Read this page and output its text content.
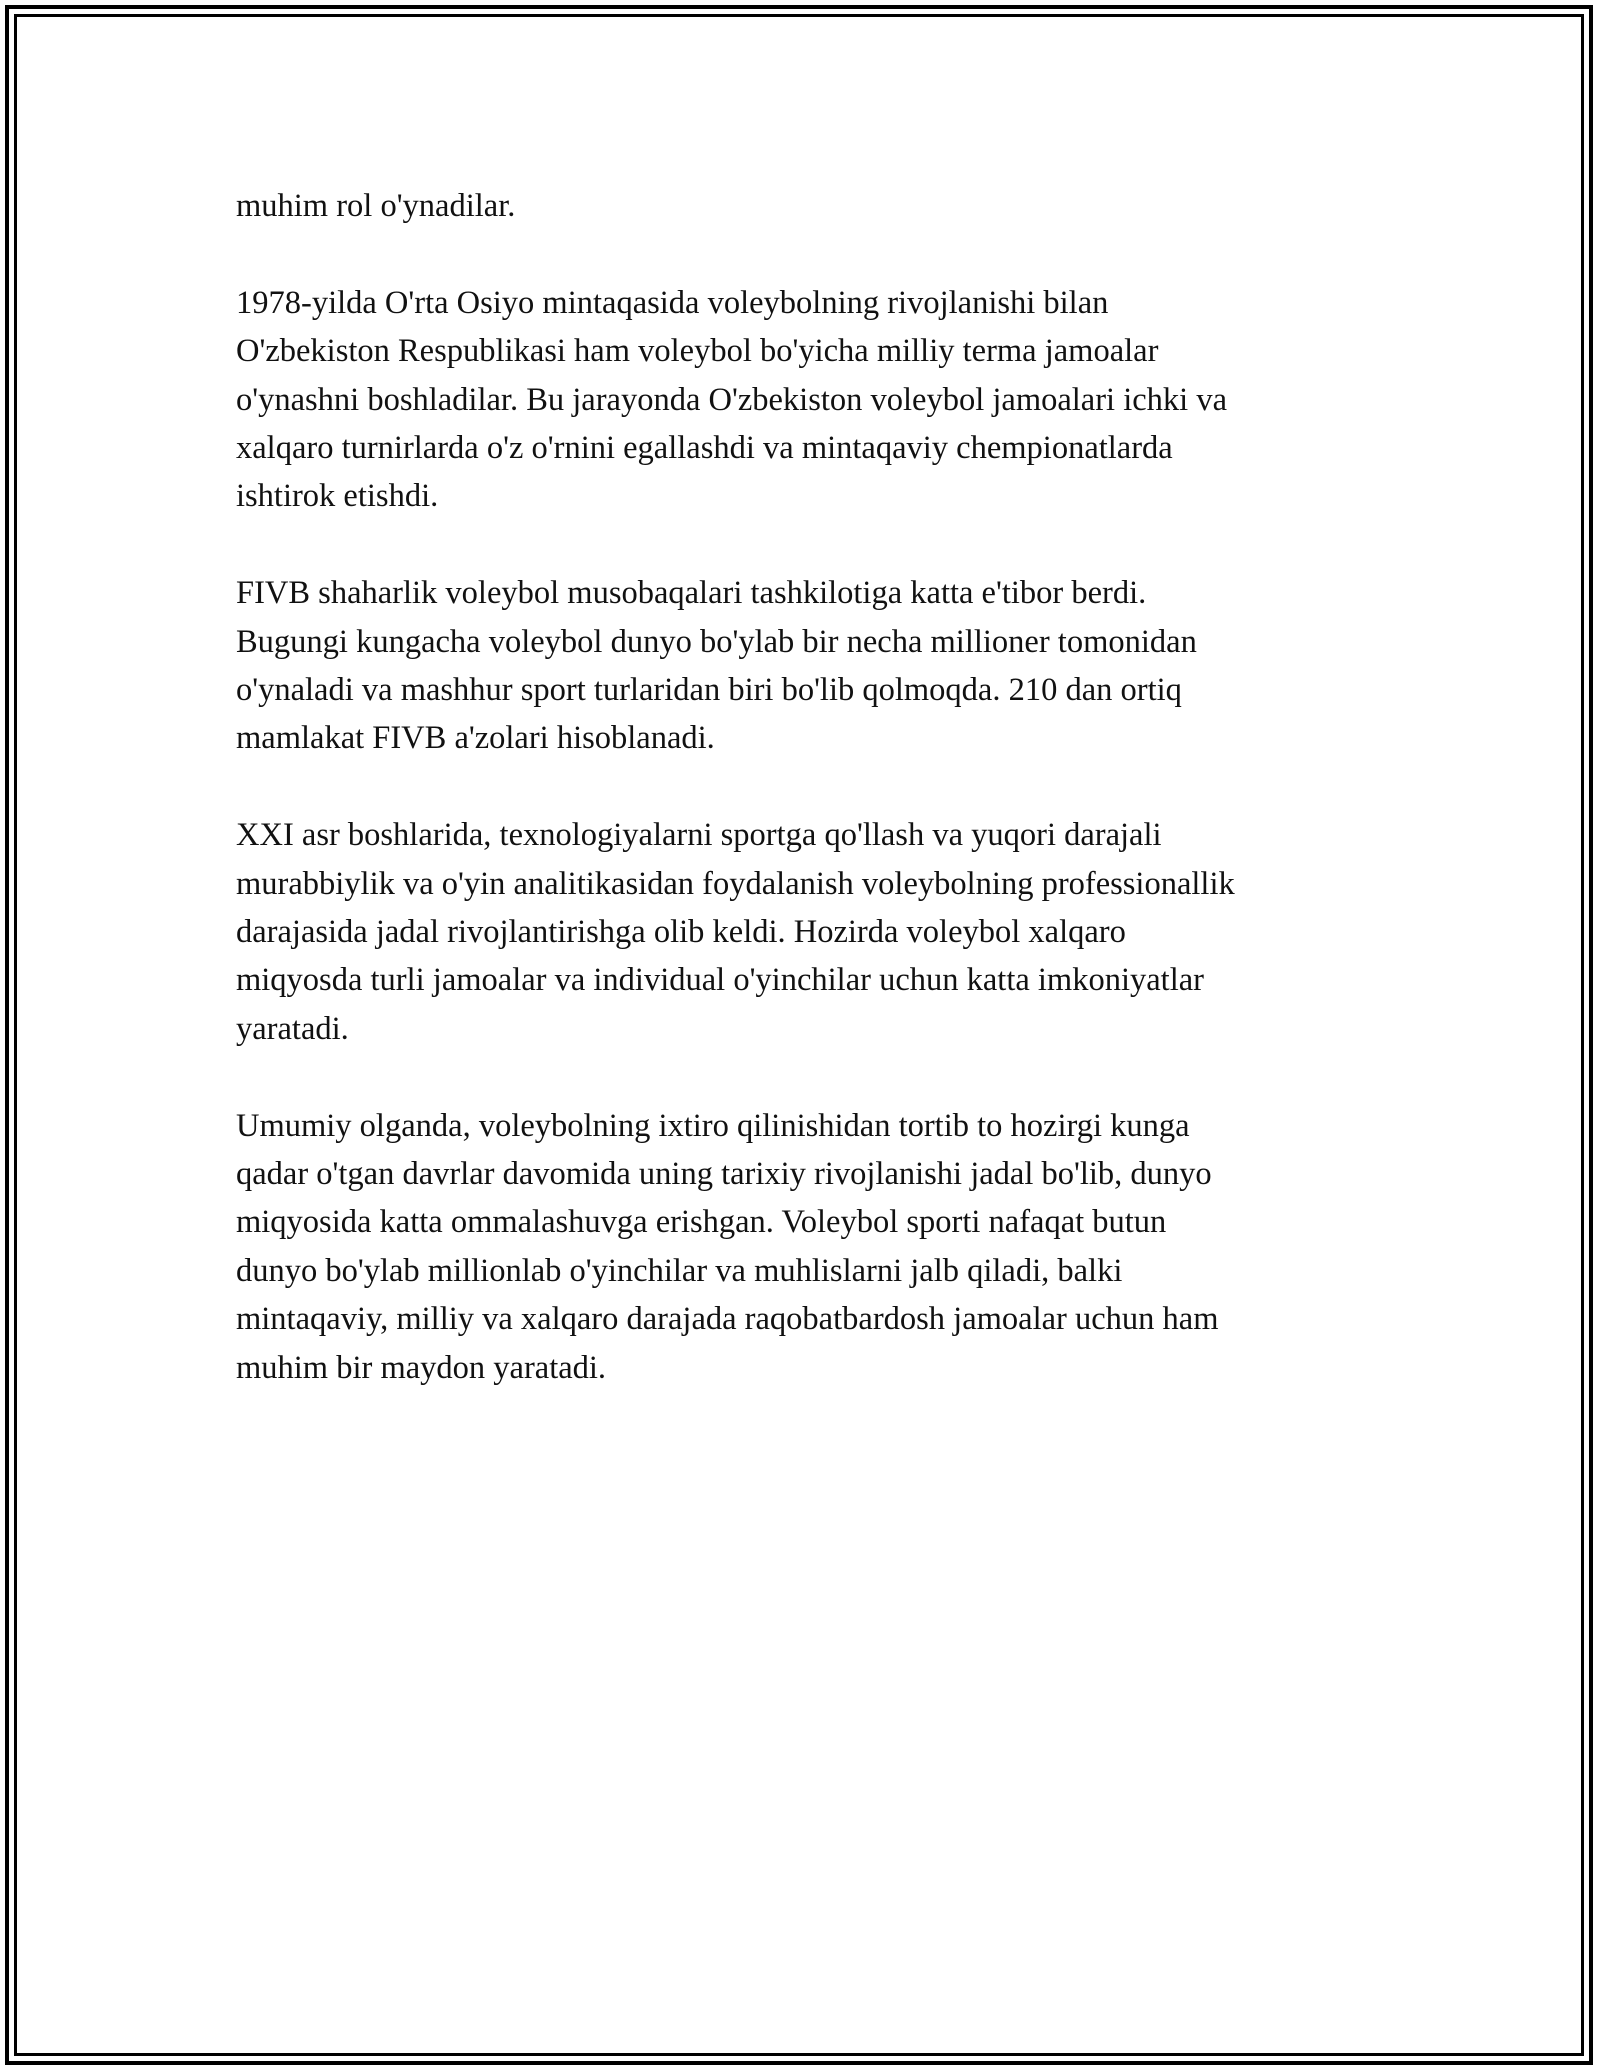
muhim rol o'ynadilar.

1978-yilda O'rta Osiyo mintaqasida voleybolning rivojlanishi bilan
O'zbekiston Respublikasi ham voleybol bo'yicha milliy terma jamoalar
o'ynashni boshladilar. Bu jarayonda O'zbekiston voleybol jamoalari ichki va
xalqaro turnirlarda o'z o'rnini egallashdi va mintaqaviy chempionatlarda
ishtirok etishdi.

FIVB shaharlik voleybol musobaqalari tashkilotiga katta e'tibor berdi.
Bugungi kungacha voleybol dunyo bo'ylab bir necha millioner tomonidan
o'ynaladi va mashhur sport turlaridan biri bo'lib qolmoqda. 210 dan ortiq
mamlakat FIVB a'zolari hisoblanadi.

XXI asr boshlarida, texnologiyalarni sportga qo'llash va yuqori darajali
murabbiylik va o'yin analitikasidan foydalanish voleybolning professionallik
darajasida jadal rivojlantirishga olib keldi. Hozirda voleybol xalqaro
miqyosda turli jamoalar va individual o'yinchilar uchun katta imkoniyatlar
yaratadi.

Umumiy olganda, voleybolning ixtiro qilinishidan tortib to hozirgi kunga
qadar o'tgan davrlar davomida uning tarixiy rivojlanishi jadal bo'lib, dunyo
miqyosida katta ommalashuvga erishgan. Voleybol sporti nafaqat butun
dunyo bo'ylab millionlab o'yinchilar va muhlislarni jalb qiladi, balki
mintaqaviy, milliy va xalqaro darajada raqobatbardosh jamoalar uchun ham
muhim bir maydon yaratadi.
